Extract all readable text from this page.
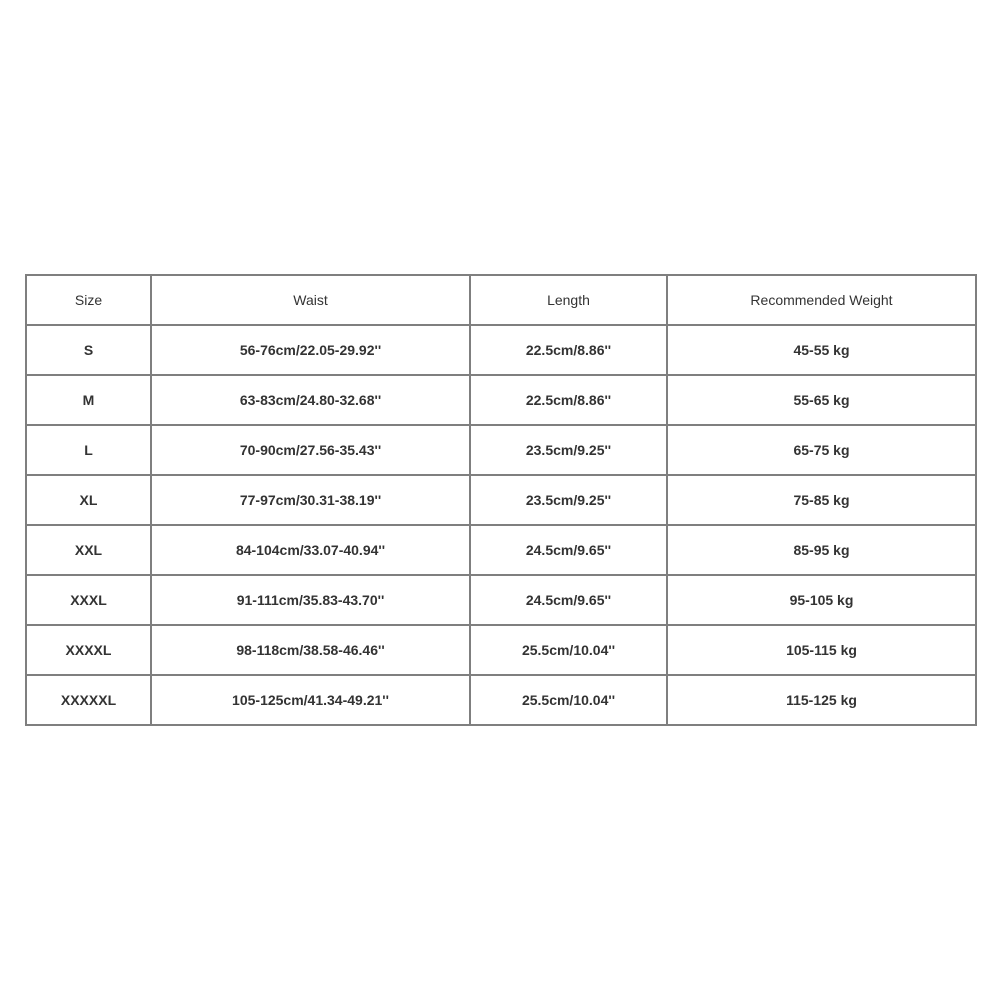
Size	Waist	Length	Recommended Weight
S	56-76cm/22.05-29.92''	22.5cm/8.86''	45-55 kg
M	63-83cm/24.80-32.68''	22.5cm/8.86''	55-65 kg
L	70-90cm/27.56-35.43''	23.5cm/9.25''	65-75 kg
XL	77-97cm/30.31-38.19''	23.5cm/9.25''	75-85 kg
XXL	84-104cm/33.07-40.94''	24.5cm/9.65''	85-95 kg
XXXL	91-111cm/35.83-43.70''	24.5cm/9.65''	95-105 kg
XXXXL	98-118cm/38.58-46.46''	25.5cm/10.04''	105-115 kg
XXXXXL	105-125cm/41.34-49.21''	25.5cm/10.04''	115-125 kg
